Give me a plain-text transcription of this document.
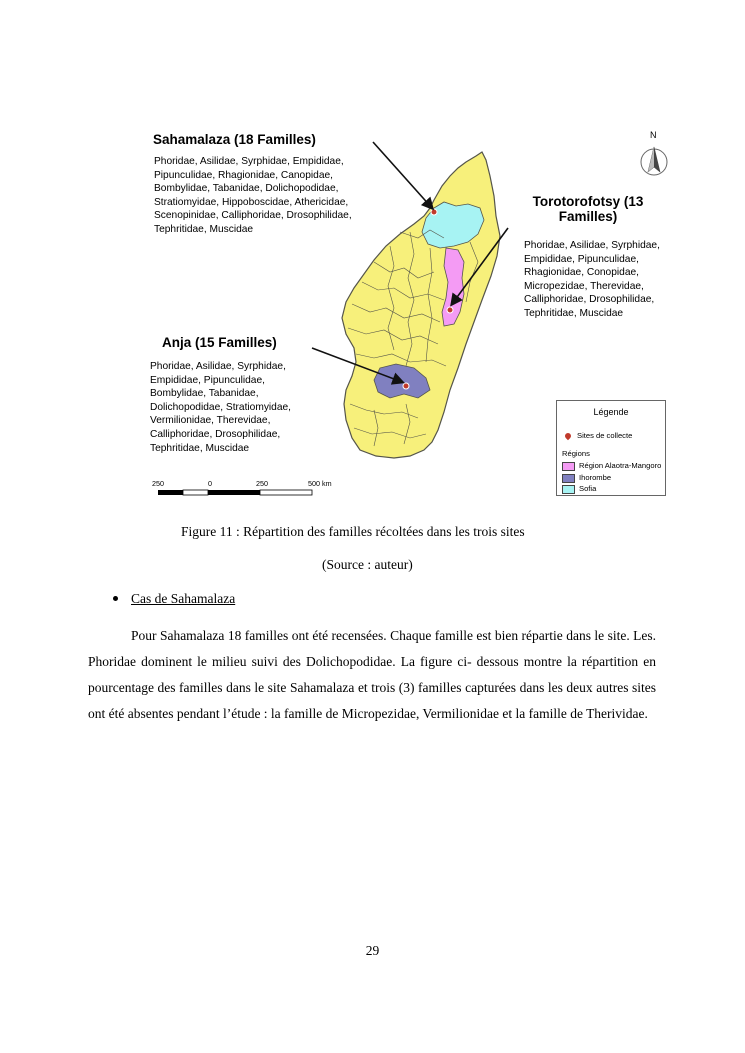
Sahamalaza (18 Familles)
Phoridae, Asilidae, Syrphidae, Empididae,
Pipunculidae, Rhagionidae, Canopidae,
Bombylidae, Tabanidae, Dolichopodidae,
Stratiomyidae, Hippoboscidae, Athericidae,
Scenopinidae, Calliphoridae, Drosophilidae,
Tephritidae, Muscidae
Torotorofotsy (13
Familles)
Phoridae, Asilidae, Syrphidae,
Empididae, Pipunculidae,
Rhagionidae, Conopidae,
Micropezidae, Therevidae,
Calliphoridae, Drosophilidae,
Tephritidae, Muscidae
Anja (15 Familles)
Phoridae, Asilidae, Syrphidae,
Empididae, Pipunculidae,
Bombylidae, Tabanidae,
Dolichopodidae, Stratiomyidae,
Vermilionidae, Therevidae,
Calliphoridae, Drosophilidae,
Tephritidae, Muscidae
N
Légende
Sites de collecte
Régions
Région Alaotra-Mangoro
Ihorombe
Sofia
250	0	250	500 km
Figure 11 : Répartition des familles récoltées dans les trois sites
(Source : auteur)
Cas de Sahamalaza

Pour Sahamalaza 18 familles ont été recensées. Chaque famille est bien répartie dans le site. Les. Phoridae dominent le milieu suivi des Dolichopodidae. La figure ci- dessous montre la répartition en pourcentage des familles dans le site Sahamalaza et trois (3) familles capturées dans les deux autres sites ont été absentes pendant l’étude : la famille de Micropezidae, Vermilionidae et la famille de Therividae.

29
